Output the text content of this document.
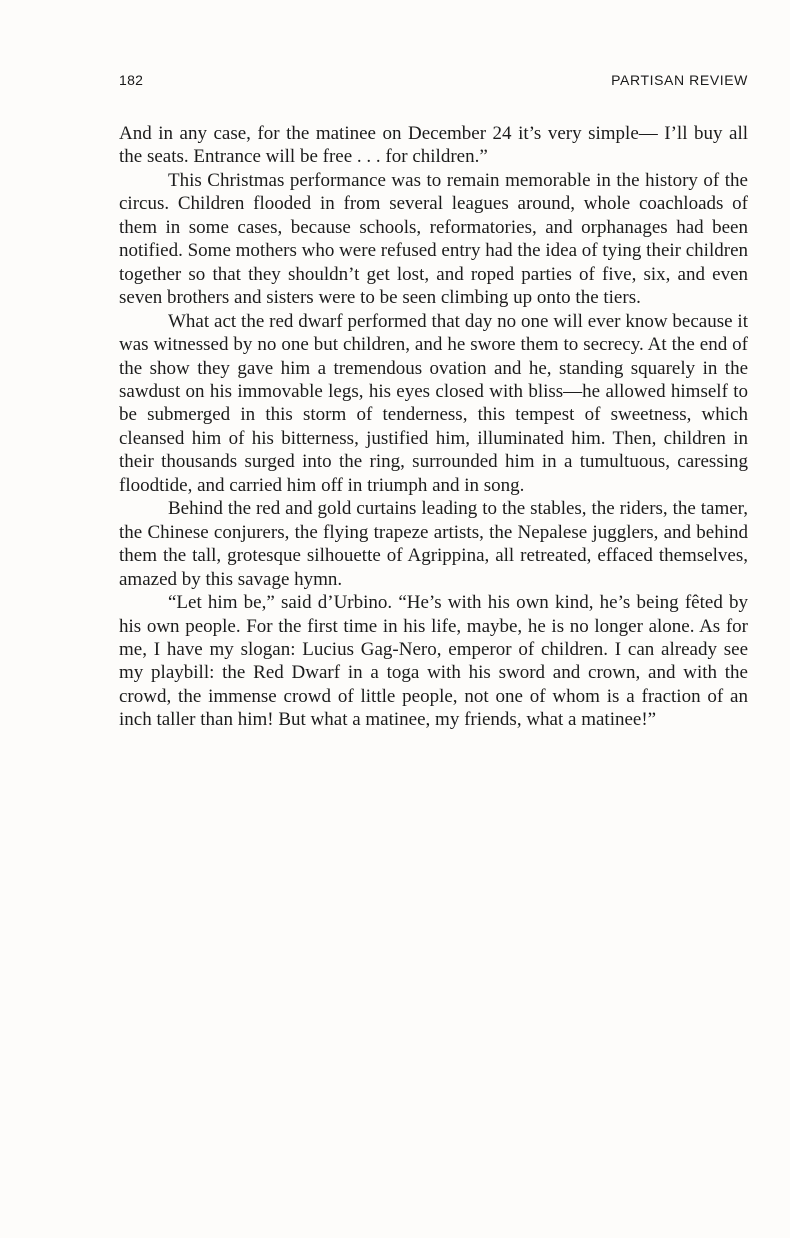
182	PARTISAN REVIEW

And in any case, for the matinee on December 24 it’s very simple— I’ll buy all the seats. Entrance will be free . . . for children.”

This Christmas performance was to remain memorable in the history of the circus. Children flooded in from several leagues around, whole coachloads of them in some cases, because schools, reformatories, and orphanages had been notified. Some mothers who were refused entry had the idea of tying their children together so that they shouldn’t get lost, and roped parties of five, six, and even seven brothers and sisters were to be seen climbing up onto the tiers.

What act the red dwarf performed that day no one will ever know because it was witnessed by no one but children, and he swore them to secrecy. At the end of the show they gave him a tremendous ovation and he, standing squarely in the sawdust on his immovable legs, his eyes closed with bliss—he allowed himself to be submerged in this storm of tenderness, this tempest of sweetness, which cleansed him of his bitterness, justified him, illuminated him. Then, children in their thousands surged into the ring, surrounded him in a tumultuous, caressing floodtide, and carried him off in triumph and in song.

Behind the red and gold curtains leading to the stables, the riders, the tamer, the Chinese conjurers, the flying trapeze artists, the Nepalese jugglers, and behind them the tall, grotesque silhouette of Agrippina, all retreated, effaced themselves, amazed by this savage hymn.

“Let him be,” said d’Urbino. “He’s with his own kind, he’s being fêted by his own people. For the first time in his life, maybe, he is no longer alone. As for me, I have my slogan: Lucius Gag-Nero, emperor of children. I can already see my playbill: the Red Dwarf in a toga with his sword and crown, and with the crowd, the immense crowd of little people, not one of whom is a fraction of an inch taller than him! But what a matinee, my friends, what a matinee!”
